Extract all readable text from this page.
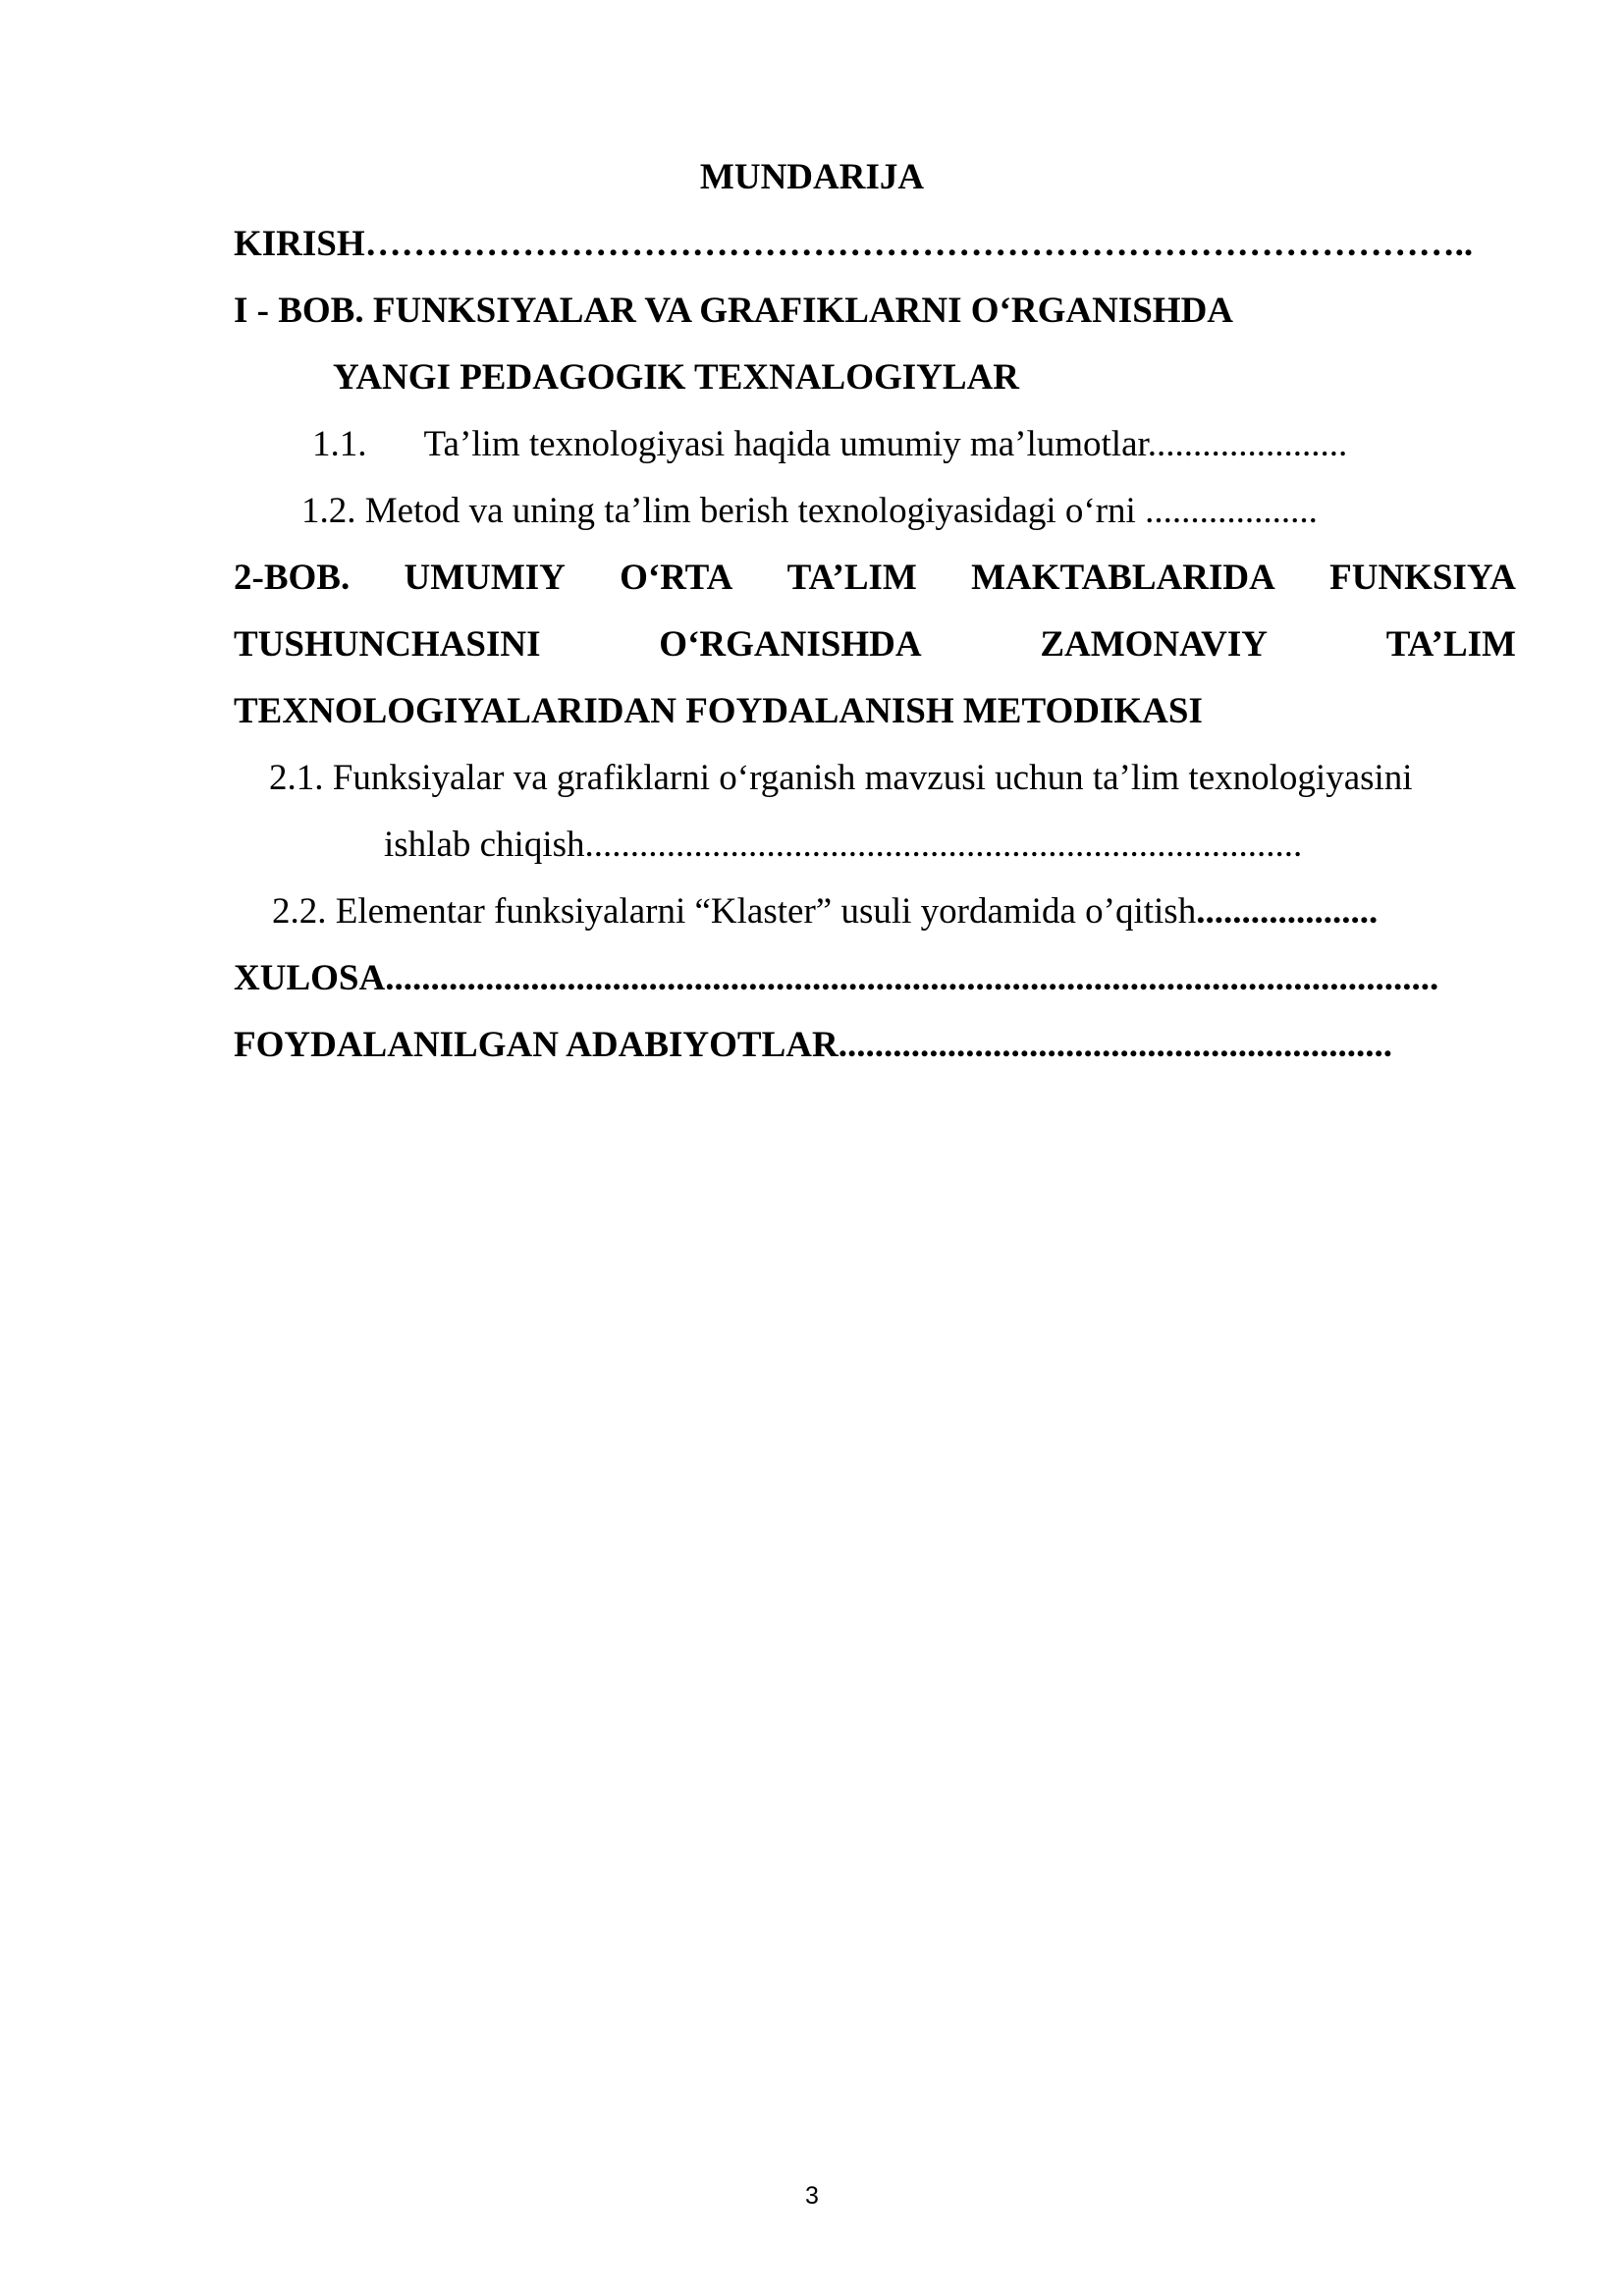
MUNDARIJA
KIRISH………………………………………………………………………………..
I - BOB. FUNKSIYALAR VA GRAFIKLARNI O‘RGANISHDA
YANGI PEDAGOGIK TEXNALOGIYLAR
1.1. Ta’lim texnologiyasi haqida umumiy ma’lumotlar......................
1.2. Metod va uning ta’lim berish texnologiyasidagi o‘rni ...................
2-BOB. UMUMIY O‘RTA TA’LIM MAKTABLARIDA FUNKSIYA
TUSHUNCHASINI	O‘RGANISHDA	ZAMONAVIY	TA’LIM
TEXNOLOGIYALARIDAN FOYDALANISH METODIKASI
2.1. Funksiyalar va grafiklarni o‘rganish mavzusi uchun ta’lim texnologiyasini
ishlab chiqish...............................................................................
2.2. Elementar funksiyalarni “Klaster” usuli yordamida o’qitish....................
XULOSA....................................................................................................................
FOYDALANILGAN ADABIYOTLAR.............................................................
3
